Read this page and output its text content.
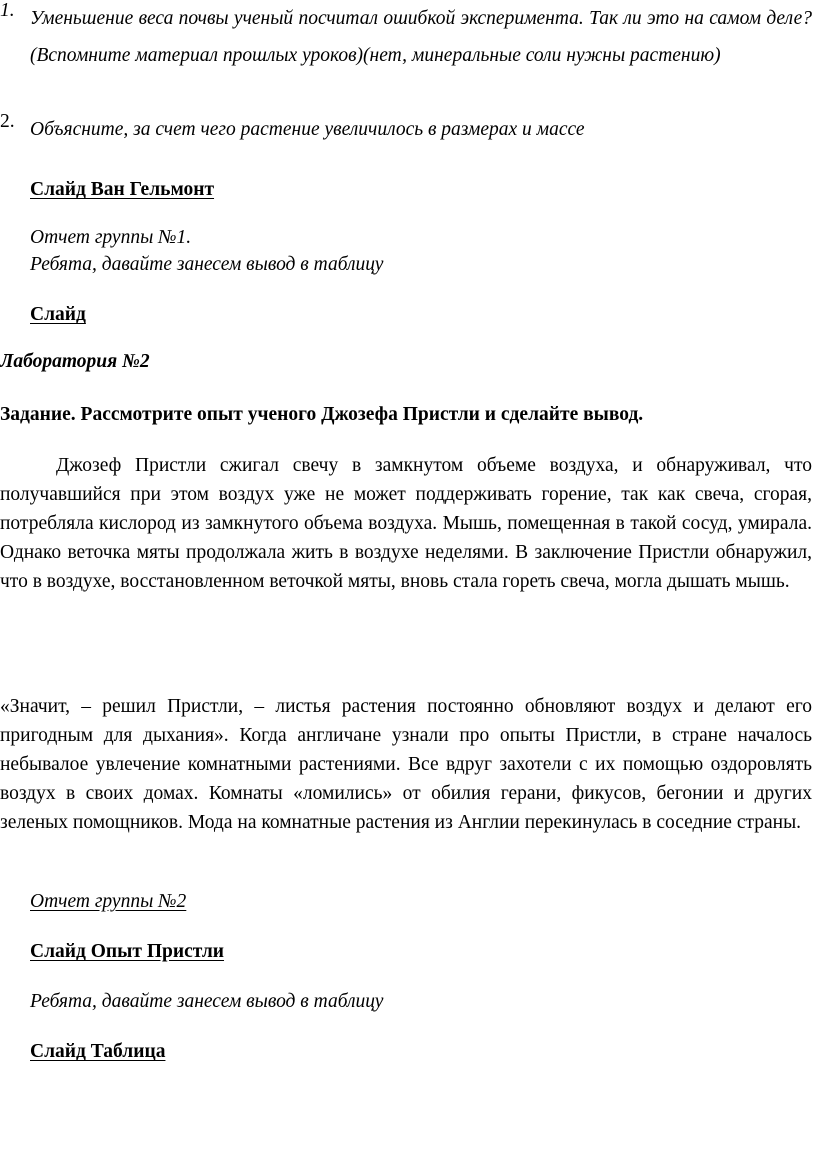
1. Уменьшение веса почвы ученый посчитал ошибкой эксперимента. Так ли это на самом деле? (Вспомните материал прошлых уроков)(нет, минеральные соли нужны растению)
2. Объясните, за счет чего растение увеличилось в размерах и массе
Слайд Ван Гельмонт
Отчет группы №1.
Ребята, давайте занесем вывод в таблицу
Слайд
Лаборатория №2
Задание. Рассмотрите опыт ученого Джозефа Пристли и сделайте вывод.
Джозеф Пристли сжигал свечу в замкнутом объеме воздуха, и обнаруживал, что получавшийся при этом воздух уже не может поддерживать горение, так как свеча, сгорая, потребляла кислород из замкнутого объема воздуха. Мышь, помещенная в такой сосуд, умирала. Однако веточка мяты продолжала жить в воздухе неделями. В заключение Пристли обнаружил, что в воздухе, восстановленном веточкой мяты, вновь стала гореть свеча, могла дышать мышь.
«Значит, – решил Пристли, – листья растения постоянно обновляют воздух и делают его пригодным для дыхания». Когда англичане узнали про опыты Пристли, в стране началось небывалое увлечение комнатными растениями. Все вдруг захотели с их помощью оздоровлять воздух в своих домах. Комнаты «ломились» от обилия герани, фикусов, бегонии и других зеленых помощников. Мода на комнатные растения из Англии перекинулась в соседние страны.
Отчет группы №2
Слайд Опыт Пристли
Ребята, давайте занесем вывод в таблицу
Слайд Таблица
